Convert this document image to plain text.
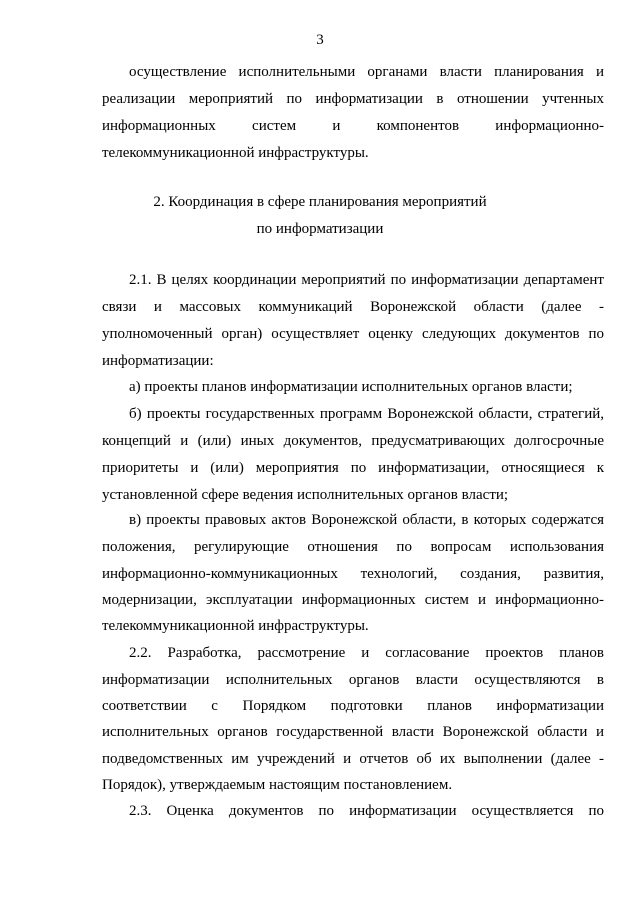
3
осуществление исполнительными органами власти планирования и
реализации мероприятий по информатизации в отношении учтенных
информационных систем и компонентов информационно-
телекоммуникационной инфраструктуры.
2. Координация в сфере планирования мероприятий
по информатизации
2.1. В целях координации мероприятий по информатизации департамент
связи и массовых коммуникаций Воронежской области (далее -
уполномоченный орган) осуществляет оценку следующих документов по
информатизации:
а) проекты планов информатизации исполнительных органов власти;
б) проекты государственных программ Воронежской области, стратегий,
концепций и (или) иных документов, предусматривающих долгосрочные
приоритеты и (или) мероприятия по информатизации, относящиеся к
установленной сфере ведения исполнительных органов власти;
в) проекты правовых актов Воронежской области, в которых содержатся
положения, регулирующие отношения по вопросам использования
информационно-коммуникационных технологий, создания, развития,
модернизации, эксплуатации информационных систем и информационно-
телекоммуникационной инфраструктуры.
2.2. Разработка, рассмотрение и согласование проектов планов
информатизации исполнительных органов власти осуществляются в
соответствии с Порядком подготовки планов информатизации
исполнительных органов государственной власти Воронежской области и
подведомственных им учреждений и отчетов об их выполнении (далее -
Порядок), утверждаемым настоящим постановлением.
2.3. Оценка документов по информатизации осуществляется по
